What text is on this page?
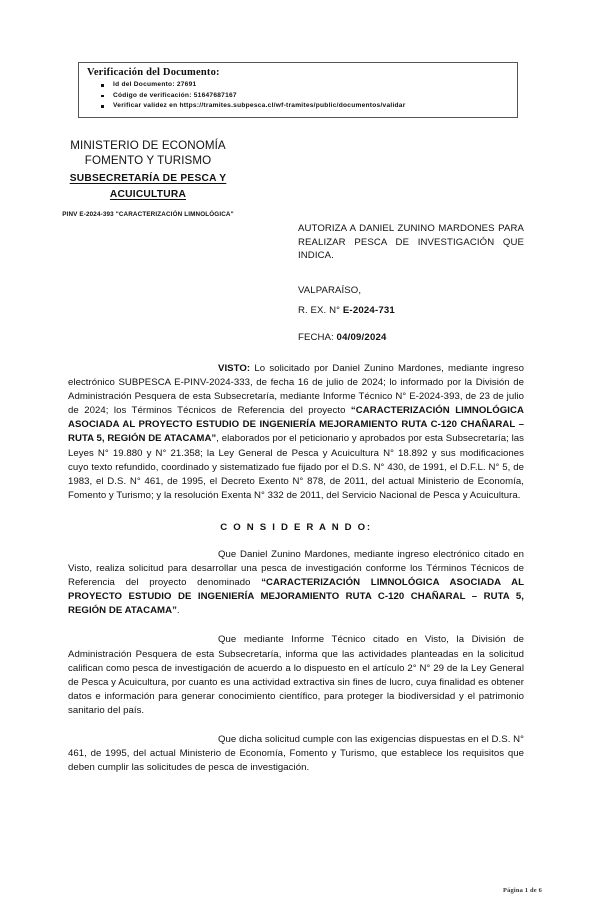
Verificación del Documento:
Id del Documento: 27691
Código de verificación: 51647687167
Verificar validez en https://tramites.subpesca.cl/wf-tramites/public/documentos/validar
MINISTERIO DE ECONOMÍA
FOMENTO Y TURISMO
SUBSECRETARÍA DE PESCA Y
ACUICULTURA
PINV E-2024-393 "CARACTERIZACIÓN LIMNOLÓGICA"
AUTORIZA A DANIEL ZUNINO MARDONES PARA REALIZAR PESCA DE INVESTIGACIÓN QUE INDICA.
VALPARAÍSO,
R. EX. N° E-2024-731
FECHA: 04/09/2024

VISTO: Lo solicitado por Daniel Zunino Mardones, mediante ingreso electrónico SUBPESCA E-PINV-2024-333, de fecha 16 de julio de 2024; lo informado por la División de Administración Pesquera de esta Subsecretaría, mediante Informe Técnico N° E-2024-393, de 23 de julio de 2024; los Términos Técnicos de Referencia del proyecto “CARACTERIZACIÓN LIMNOLÓGICA ASOCIADA AL PROYECTO ESTUDIO DE INGENIERÍA MEJORAMIENTO RUTA C-120 CHAÑARAL – RUTA 5, REGIÓN DE ATACAMA”, elaborados por el peticionario y aprobados por esta Subsecretaría; las Leyes N° 19.880 y N° 21.358; la Ley General de Pesca y Acuicultura N° 18.892 y sus modificaciones cuyo texto refundido, coordinado y sistematizado fue fijado por el D.S. N° 430, de 1991, el D.F.L. N° 5, de 1983, el D.S. N° 461, de 1995, el Decreto Exento N° 878, de 2011, del actual Ministerio de Economía, Fomento y Turismo; y la resolución Exenta N° 332 de 2011, del Servicio Nacional de Pesca y Acuicultura.

C O N S I D E R A N D O:

Que Daniel Zunino Mardones, mediante ingreso electrónico citado en Visto, realiza solicitud para desarrollar una pesca de investigación conforme los Términos Técnicos de Referencia del proyecto denominado “CARACTERIZACIÓN LIMNOLÓGICA ASOCIADA AL PROYECTO ESTUDIO DE INGENIERÍA MEJORAMIENTO RUTA C-120 CHAÑARAL – RUTA 5, REGIÓN DE ATACAMA”.

Que mediante Informe Técnico citado en Visto, la División de Administración Pesquera de esta Subsecretaría, informa que las actividades planteadas en la solicitud califican como pesca de investigación de acuerdo a lo dispuesto en el artículo 2° N° 29 de la Ley General de Pesca y Acuicultura, por cuanto es una actividad extractiva sin fines de lucro, cuya finalidad es obtener datos e información para generar conocimiento científico, para proteger la biodiversidad y el patrimonio sanitario del país.

Que dicha solicitud cumple con las exigencias dispuestas en el D.S. N° 461, de 1995, del actual Ministerio de Economía, Fomento y Turismo, que establece los requisitos que deben cumplir las solicitudes de pesca de investigación.

Página 1 de 6
